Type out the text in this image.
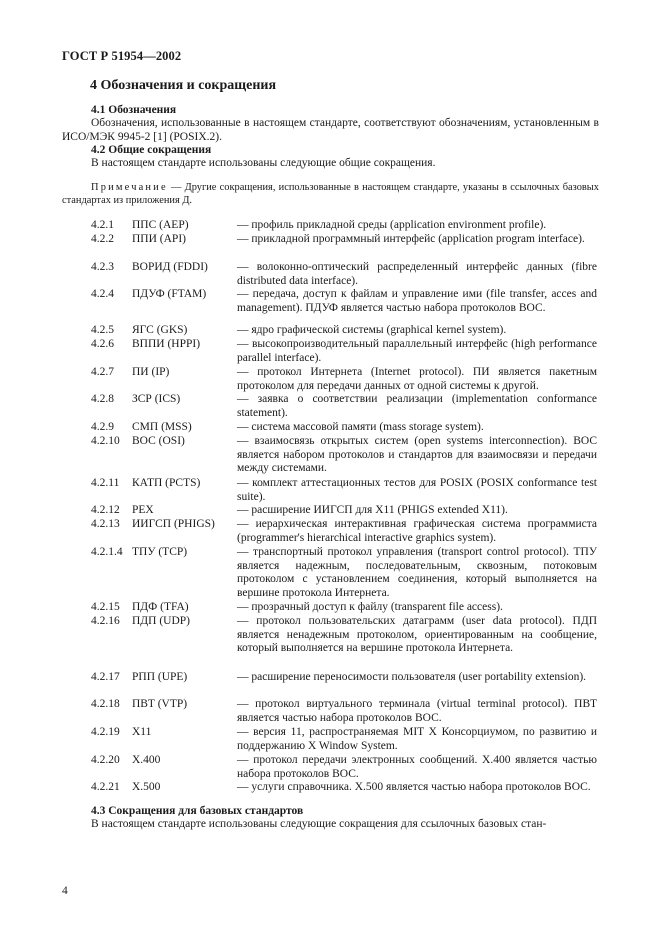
ГОСТ Р 51954—2002
4 Обозначения и сокращения
4.1 Обозначения
Обозначения, использованные в настоящем стандарте, соответствуют обозначениям, установленным в ИСО/МЭК 9945-2 [1] (POSIX.2).
4.2 Общие сокращения
В настоящем стандарте использованы следующие общие сокращения.
Примечание — Другие сокращения, использованные в настоящем стандарте, указаны в ссылочных базовых стандартах из приложения Д.
4.2.1 ППС (AEP)	— профиль прикладной среды (application environment profile).
4.2.2 ППИ (API)	— прикладной программный интерфейс (application program interface).
4.2.3 ВОРИД (FDDI)	— волоконно-оптический распределенный интерфейс данных (fibre distributed data interface).
4.2.4 ПДУФ (FTAM)	— передача, доступ к файлам и управление ими (file transfer, acces and management). ПДУФ является частью набора протоколов ВОС.
4.2.5 ЯГС (GKS)	— ядро графической системы (graphical kernel system).
4.2.6 ВППИ (HPPI)	— высокопроизводительный параллельный интерфейс (high performance parallel interface).
4.2.7 ПИ (IP)	— протокол Интернета (Internet protocol). ПИ является пакетным протоколом для передачи данных от одной системы к другой.
4.2.8 ЗСР (ICS)	— заявка о соответствии реализации (implementation conformance statement).
4.2.9 СМП (MSS)	— система массовой памяти (mass storage system).
4.2.10 ВОС (OSI)	— взаимосвязь открытых систем (open systems interconnection). ВОС является набором протоколов и стандартов для взаимосвязи и передачи между системами.
4.2.11 КАТП (PCTS)	— комплект аттестационных тестов для POSIX (POSIX conformance test suite).
4.2.12 РЕХ	— расширение ИИГСП для X11 (PHIGS extended X11).
4.2.13 ИИГСП (PHIGS) — иерархическая интерактивная графическая система программиста (programmer's hierarchical interactive graphics system).
4.2.1.4 ТПУ (TCP)	— транспортный протокол управления (transport control protocol). ТПУ является надежным, последовательным, сквозным, потоковым протоколом с установлением соединения, который выполняется на вершине протокола Интернета.
4.2.15 ПДФ (TFA)	— прозрачный доступ к файлу (transparent file access).
4.2.16 ПДП (UDP)	— протокол пользовательских датаграмм (user data protocol). ПДП является ненадежным протоколом, ориентированным на сообщение, который выполняется на вершине протокола Интернета.
4.2.17 РПП (UPE)	— расширение переносимости пользователя (user portability extension).
4.2.18 ПВТ (VTP)	— протокол виртуального терминала (virtual terminal protocol). ПВТ является частью набора протоколов ВОС.
4.2.19 X11	— версия 11, распространяемая MIT X Консорциумом, по развитию и поддержанию X Window System.
4.2.20 X.400	— протокол передачи электронных сообщений. X.400 является частью набора протоколов ВОС.
4.2.21 X.500	— услуги справочника. X.500 является частью набора протоколов ВОС.
4.3 Сокращения для базовых стандартов
В настоящем стандарте использованы следующие сокращения для ссылочных базовых стан-
4
